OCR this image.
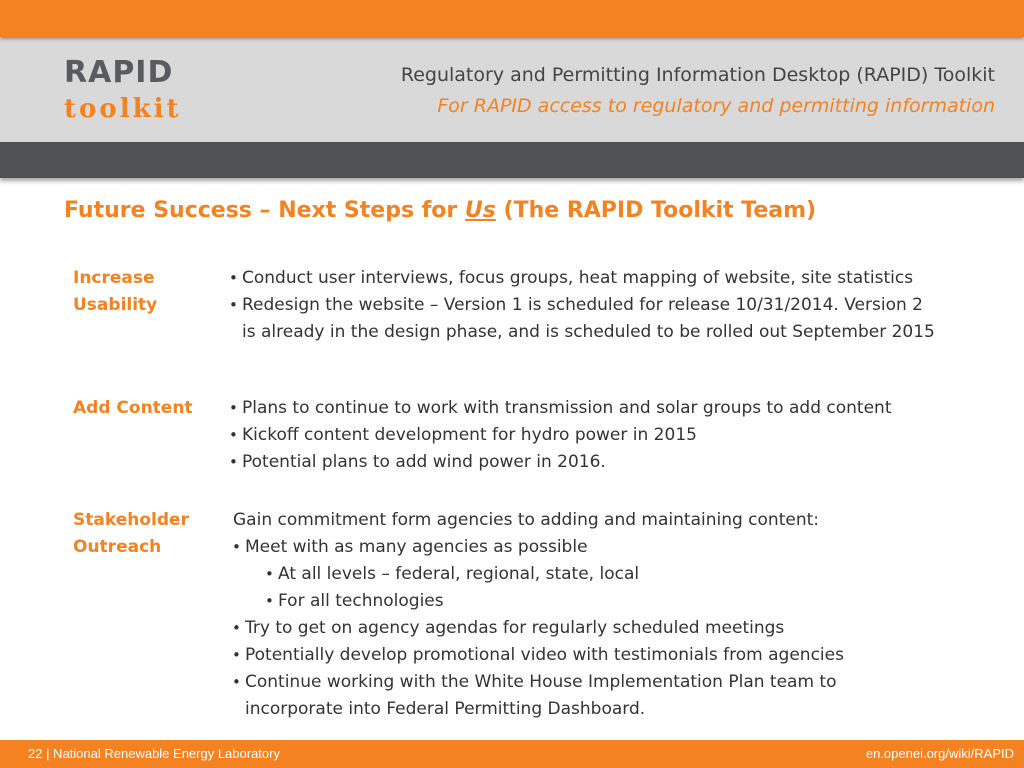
RAPID
toolkit
Regulatory and Permitting Information Desktop (RAPID) Toolkit
For RAPID access to regulatory and permitting information
Future Success – Next Steps for Us (The RAPID Toolkit Team)
Increase
Usability
• Conduct user interviews, focus groups, heat mapping of website, site statistics
• Redesign the website – Version 1 is scheduled for release 10/31/2014. Version 2
is already in the design phase, and is scheduled to be rolled out September 2015
Add Content • Plans to continue to work with transmission and solar groups to add content
• Kickoff content development for hydro power in 2015
• Potential plans to add wind power in 2016.
Stakeholder
Outreach
Gain commitment form agencies to adding and maintaining content:
• Meet with as many agencies as possible
• At all levels – federal, regional, state, local
• For all technologies
• Try to get on agency agendas for regularly scheduled meetings
• Potentially develop promotional video with testimonials from agencies
• Continue working with the White House Implementation Plan team to
incorporate into Federal Permitting Dashboard.
22 | National Renewable Energy Laboratory	en.openei.org/wiki/RAPID
